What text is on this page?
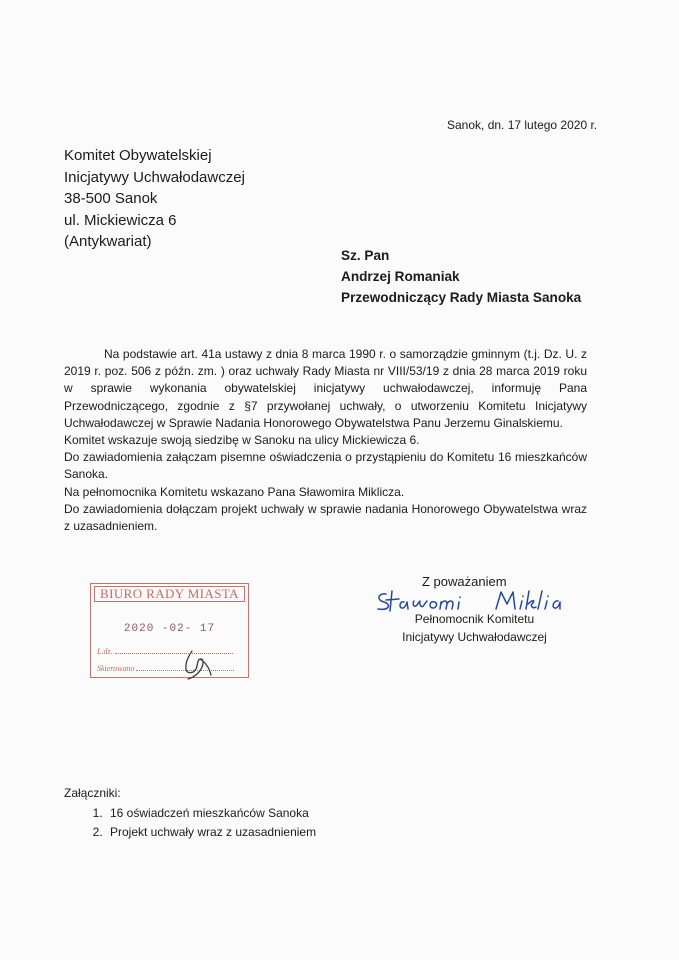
Sanok, dn. 17 lutego 2020 r.
Komitet Obywatelskiej
Inicjatywy Uchwałodawczej
38-500 Sanok
ul. Mickiewicza 6
(Antykwariat)
Sz. Pan
Andrzej Romaniak
Przewodniczący Rady Miasta Sanoka

Na podstawie art. 41a ustawy z dnia 8 marca 1990 r. o samorządzie gminnym (t.j. Dz. U. z 2019 r. poz. 506 z późn. zm. ) oraz uchwały Rady Miasta nr VIII/53/19 z dnia 28 marca 2019 roku w sprawie wykonania obywatelskiej inicjatywy uchwałodawczej, informuję Pana Przewodniczącego, zgodnie z §7 przywołanej uchwały, o utworzeniu Komitetu Inicjatywy Uchwałodawczej w Sprawie Nadania Honorowego Obywatelstwa Panu Jerzemu Ginalskiemu.

Komitet wskazuje swoją siedzibę w Sanoku na ulicy Mickiewicza 6.

Do zawiadomienia załączam pisemne oświadczenia o przystąpieniu do Komitetu 16 mieszkańców Sanoka.

Na pełnomocnika Komitetu wskazano Pana Sławomira Miklicza.

Do zawiadomienia dołączam projekt uchwały w sprawie nadania Honorowego Obywatelstwa wraz z uzasadnieniem.

BIURO RADY MIASTA
2020 -02- 17
L.dz.
Skierowano
Z poważaniem
Pełnomocnik Komitetu
Inicjatywy Uchwałodawczej
Załączniki:
1. 16 oświadczeń mieszkańców Sanoka
2. Projekt uchwały wraz z uzasadnieniem
